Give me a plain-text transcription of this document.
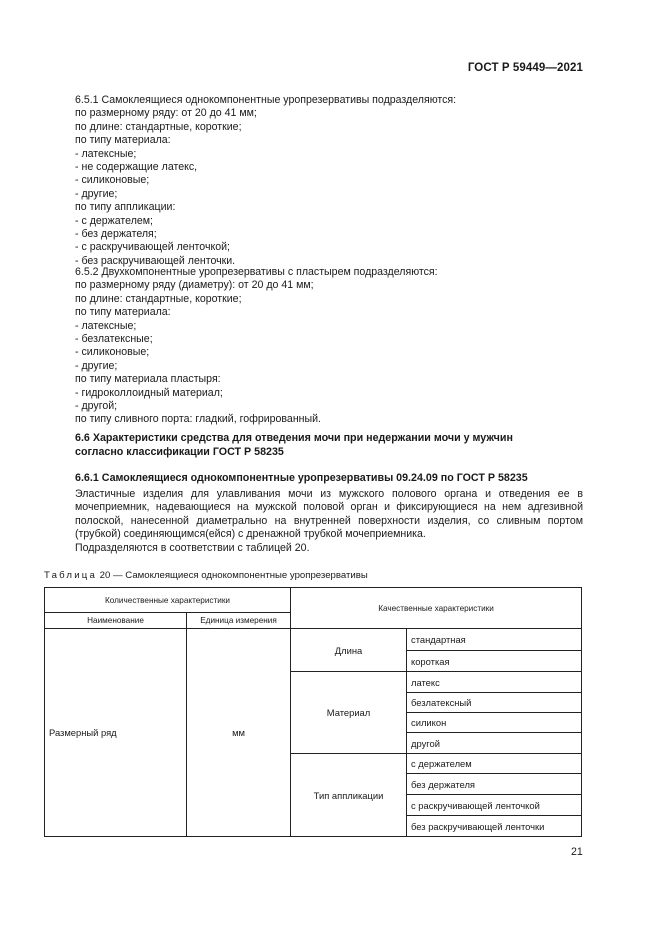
ГОСТ Р 59449—2021
6.5.1 Самоклеящиеся однокомпонентные уропрезервативы подразделяются:
по размерному ряду: от 20 до 41 мм;
по длине: стандартные, короткие;
по типу материала:
- латексные;
- не содержащие латекс,
- силиконовые;
- другие;
по типу аппликации:
- с держателем;
- без держателя;
- с раскручивающей ленточкой;
- без раскручивающей ленточки.
6.5.2 Двухкомпонентные уропрезервативы с пластырем подразделяются:
по размерному ряду (диаметру): от 20 до 41 мм;
по длине: стандартные, короткие;
по типу материала:
- латексные;
- безлатексные;
- силиконовые;
- другие;
по типу материала пластыря:
- гидроколлоидный материал;
- другой;
по типу сливного порта: гладкий, гофрированный.
6.6 Характеристики средства для отведения мочи при недержании мочи у мужчин
согласно классификации ГОСТ Р 58235
6.6.1 Самоклеящиеся однокомпонентные уропрезервативы 09.24.09 по ГОСТ Р 58235
Эластичные изделия для улавливания мочи из мужского полового органа и отведения ее в мочеприемник, надевающиеся на мужской половой орган и фиксирующиеся на нем адгезивной полоской, нанесенной диаметрально на внутренней поверхности изделия, со сливным портом (трубкой) соединяющимся(ейся) с дренажной трубкой мочеприемника.
Подразделяются в соответствии с таблицей 20.
Таблица 20 — Самоклеящиеся однокомпонентные уропрезервативы
Количественные характеристики		Качественные характеристики	
Наименование	Единица измерения		
Размерный ряд	мм	Длина	стандартная
			короткая
		Материал	латекс
			безлатексный
			силикон
			другой
		Тип аппликации	с держателем
			без держателя
			с раскручивающей ленточкой
			без раскручивающей ленточки
21
